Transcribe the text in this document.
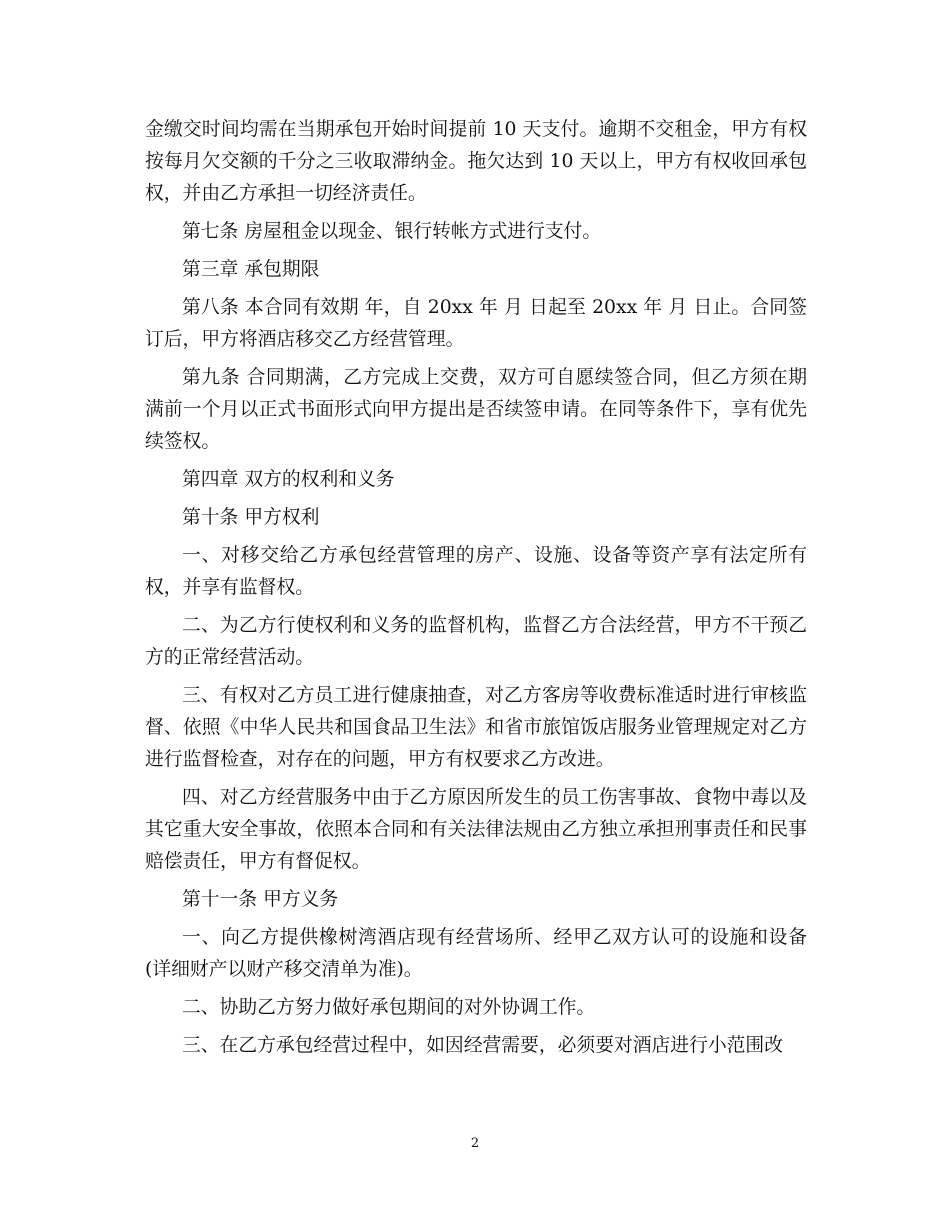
金缴交时间均需在当期承包开始时间提前 10 天支付。逾期不交租金，甲方有权按每月欠交额的千分之三收取滞纳金。拖欠达到 10 天以上，甲方有权收回承包权，并由乙方承担一切经济责任。

第七条 房屋租金以现金、银行转帐方式进行支付。

第三章 承包期限

第八条 本合同有效期 年，自 20xx 年 月 日起至 20xx 年 月 日止。合同签订后，甲方将酒店移交乙方经营管理。

第九条 合同期满，乙方完成上交费，双方可自愿续签合同，但乙方须在期满前一个月以正式书面形式向甲方提出是否续签申请。在同等条件下，享有优先续签权。

第四章 双方的权利和义务

第十条 甲方权利

一、对移交给乙方承包经营管理的房产、设施、设备等资产享有法定所有权，并享有监督权。

二、为乙方行使权利和义务的监督机构，监督乙方合法经营，甲方不干预乙方的正常经营活动。

三、有权对乙方员工进行健康抽查，对乙方客房等收费标准适时进行审核监督、依照《中华人民共和国食品卫生法》和省市旅馆饭店服务业管理规定对乙方进行监督检查，对存在的问题，甲方有权要求乙方改进。

四、对乙方经营服务中由于乙方原因所发生的员工伤害事故、食物中毒以及其它重大安全事故，依照本合同和有关法律法规由乙方独立承担刑事责任和民事赔偿责任，甲方有督促权。

第十一条 甲方义务

一、向乙方提供橡树湾酒店现有经营场所、经甲乙双方认可的设施和设备(详细财产以财产移交清单为准)。

二、协助乙方努力做好承包期间的对外协调工作。

三、在乙方承包经营过程中，如因经营需要，必须要对酒店进行小范围改

2
